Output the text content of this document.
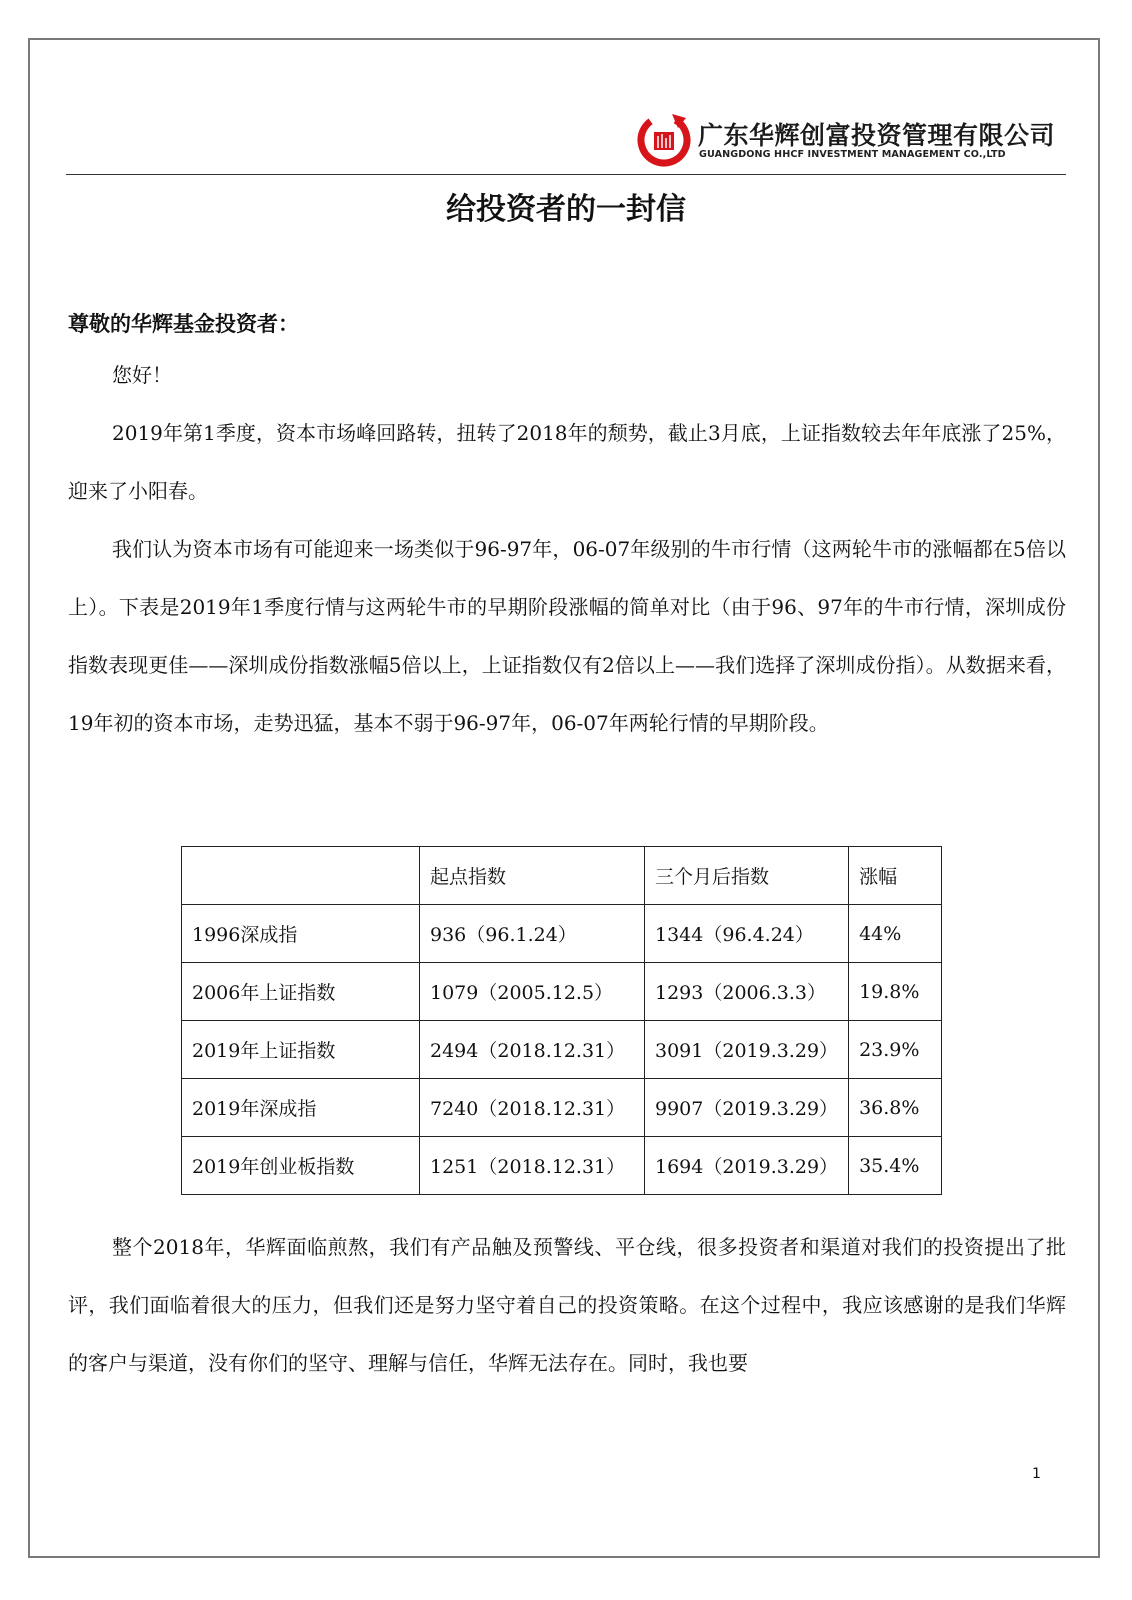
广东华辉创富投资管理有限公司
GUANGDONG HHCF INVESTMENT MANAGEMENT CO.,LTD
给投资者的一封信
尊敬的华辉基金投资者：

您好！

2019年第1季度，资本市场峰回路转，扭转了2018年的颓势，截止3月底，上证指数较去年年底涨了25%，迎来了小阳春。

我们认为资本市场有可能迎来一场类似于96-97年，06-07年级别的牛市行情（这两轮牛市的涨幅都在5倍以上）。下表是2019年1季度行情与这两轮牛市的早期阶段涨幅的简单对比（由于96、97年的牛市行情，深圳成份指数表现更佳——深圳成份指数涨幅5倍以上，上证指数仅有2倍以上——我们选择了深圳成份指）。从数据来看，19年初的资本市场，走势迅猛，基本不弱于96-97年，06-07年两轮行情的早期阶段。

	起点指数	三个月后指数	涨幅
1996深成指	936（96.1.24）	1344（96.4.24）	44%
2006年上证指数	1079（2005.12.5）	1293（2006.3.3）	19.8%
2019年上证指数	2494（2018.12.31）	3091（2019.3.29）	23.9%
2019年深成指	7240（2018.12.31）	9907（2019.3.29）	36.8%
2019年创业板指数	1251（2018.12.31）	1694（2019.3.29）	35.4%

整个2018年，华辉面临煎熬，我们有产品触及预警线、平仓线，很多投资者和渠道对我们的投资提出了批评，我们面临着很大的压力，但我们还是努力坚守着自己的投资策略。在这个过程中，我应该感谢的是我们华辉的客户与渠道，没有你们的坚守、理解与信任，华辉无法存在。同时，我也要

1
